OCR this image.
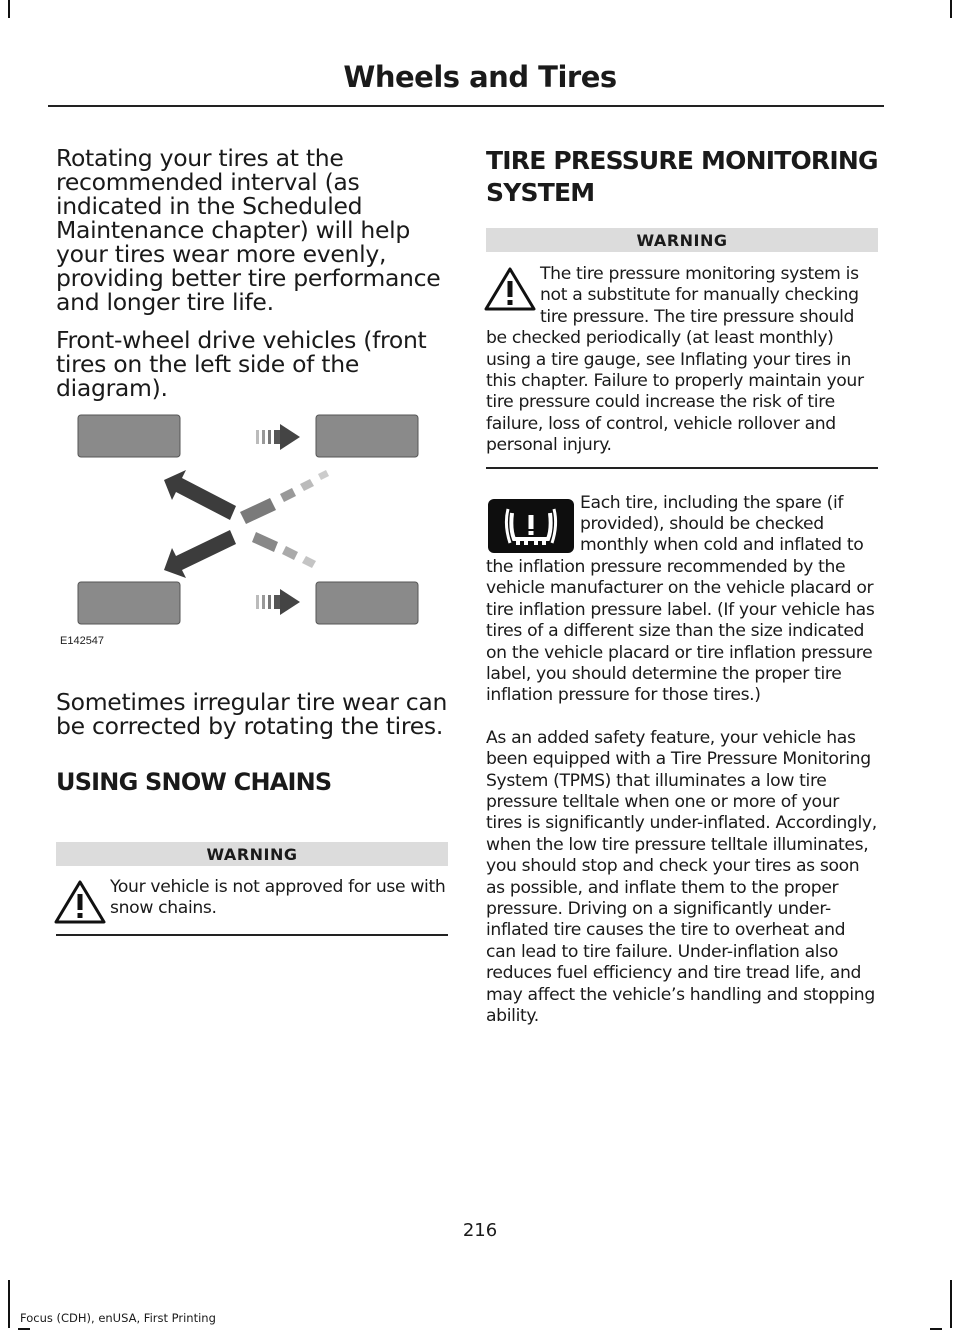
Wheels and Tires

Rotating your tires at the recommended interval (as indicated in the Scheduled Maintenance chapter) will help your tires wear more evenly, providing better tire performance and longer tire life.

Front-wheel drive vehicles (front tires on the left side of the diagram).

E142547

Sometimes irregular tire wear can be corrected by rotating the tires.

USING SNOW CHAINS
WARNING

Your vehicle is not approved for use with snow chains.

TIRE PRESSURE MONITORING
SYSTEM
WARNING

The tire pressure monitoring system is not a substitute for manually checking tire pressure. The tire pressure should be checked periodically (at least monthly) using a tire gauge, see Inflating your tires in this chapter. Failure to properly maintain your tire pressure could increase the risk of tire failure, loss of control, vehicle rollover and personal injury.

Each tire, including the spare (if provided), should be checked monthly when cold and inflated to the inflation pressure recommended by the vehicle manufacturer on the vehicle placard or tire inflation pressure label. (If your vehicle has tires of a different size than the size indicated on the vehicle placard or tire inflation pressure label, you should determine the proper tire inflation pressure for those tires.)

As an added safety feature, your vehicle has been equipped with a Tire Pressure Monitoring System (TPMS) that illuminates a low tire pressure telltale when one or more of your tires is significantly under-inflated. Accordingly, when the low tire pressure telltale illuminates, you should stop and check your tires as soon as possible, and inflate them to the proper pressure. Driving on a significantly under-inflated tire causes the tire to overheat and can lead to tire failure. Under-inflation also reduces fuel efficiency and tire tread life, and may affect the vehicle’s handling and stopping ability.

216
Focus (CDH), enUSA, First Printing
